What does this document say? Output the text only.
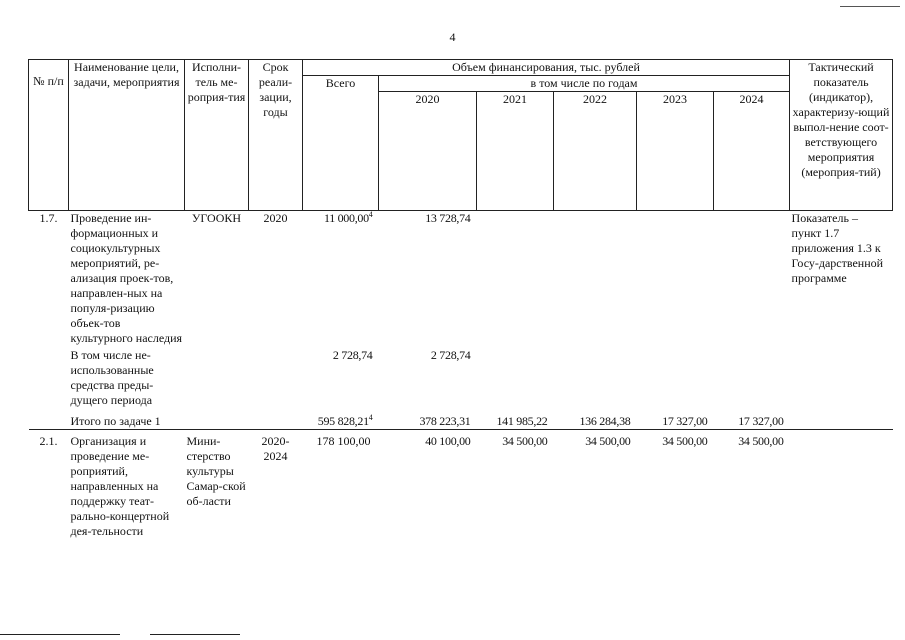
4
№ п/п	Наименование цели, задачи, мероприятия	Исполни-тель ме-роприя-тия	Срок реали-зации, годы	Объем финансирования, тыс. рублей						Тактический показатель (индикатор), характеризу-ющий выпол-нение соот-ветствующего мероприятия (мероприя-тий)
				Всего	в том числе по годам					
					2020	2021	2022	2023	2024	
1.7.	Проведение ин-формационных и социокультурных мероприятий, ре-ализация проек-тов, направлен-ных на популя-ризацию объек-тов культурного наследия	УГООКН	2020	11 000,00$^4$	13 728,74					Показатель – пункт 1.7 приложения 1.3 к Госу-дарственной программе
	В том числе не-использованные средства преды-дущего периода			2 728,74	2 728,74					
	Итого по задаче 1			595 828,21$^4$	378 223,31	141 985,22	136 284,38	17 327,00	17 327,00	

2.1.	Организация и проведение ме-роприятий, направленных на поддержку теат-рально-концертной дея-тельности	Мини-стерство культуры Самар-ской об-ласти	2020-2024	178 100,00	40 100,00	34 500,00	34 500,00	34 500,00	34 500,00	
